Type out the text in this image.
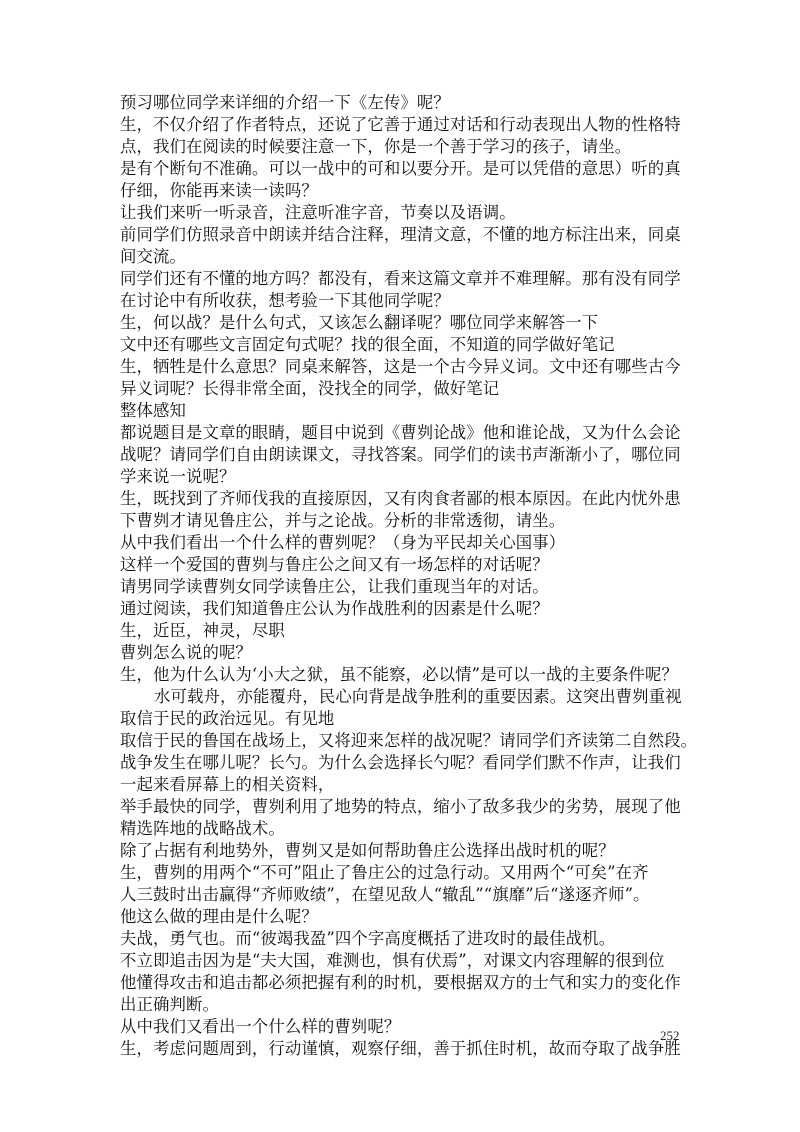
预习哪位同学来详细的介绍一下《左传》呢？
生，不仅介绍了作者特点，还说了它善于通过对话和行动表现出人物的性格特
点，我们在阅读的时候要注意一下，你是一个善于学习的孩子，请坐。
是有个断句不准确。可以一战中的可和以要分开。是可以凭借的意思）听的真
仔细，你能再来读一读吗？
让我们来听一听录音，注意听准字音，节奏以及语调。
前同学们仿照录音中朗读并结合注释，理清文意，不懂的地方标注出来，同桌
间交流。
同学们还有不懂的地方吗？都没有，看来这篇文章并不难理解。那有没有同学
在讨论中有所收获，想考验一下其他同学呢？
生，何以战？是什么句式，又该怎么翻译呢？哪位同学来解答一下
文中还有哪些文言固定句式呢？找的很全面，不知道的同学做好笔记
生，牺牲是什么意思？同桌来解答，这是一个古今异义词。文中还有哪些古今
异义词呢？长得非常全面，没找全的同学，做好笔记
整体感知
都说题目是文章的眼睛，题目中说到《曹刿论战》他和谁论战，又为什么会论
战呢？请同学们自由朗读课文，寻找答案。同学们的读书声渐渐小了，哪位同
学来说一说呢？
生，既找到了齐师伐我的直接原因，又有肉食者鄙的根本原因。在此内忧外患
下曹刿才请见鲁庄公，并与之论战。分析的非常透彻，请坐。
从中我们看出一个什么样的曹刿呢？（身为平民却关心国事）
这样一个爱国的曹刿与鲁庄公之间又有一场怎样的对话呢？
请男同学读曹刿女同学读鲁庄公，让我们重现当年的对话。
通过阅读，我们知道鲁庄公认为作战胜利的因素是什么呢？
生，近臣，神灵，尽职
曹刿怎么说的呢？
生，他为什么认为‘小大之狱，虽不能察，必以情”是可以一战的主要条件呢？
水可载舟，亦能覆舟，民心向背是战争胜利的重要因素。这突出曹刿重视
取信于民的政治远见。有见地
取信于民的鲁国在战场上，又将迎来怎样的战况呢？请同学们齐读第二自然段。
战争发生在哪儿呢？长勺。为什么会选择长勺呢？看同学们默不作声，让我们
一起来看屏幕上的相关资料，
举手最快的同学，曹刿利用了地势的特点，缩小了敌多我少的劣势，展现了他
精选阵地的战略战术。
除了占据有利地势外，曹刿又是如何帮助鲁庄公选择出战时机的呢？
生，曹刿的用两个“不可”阻止了鲁庄公的过急行动。又用两个“可矣”在齐
人三鼓时出击赢得“齐师败绩”，在望见敌人“辙乱”“旗靡”后“遂逐齐师”。
他这么做的理由是什么呢？
夫战，勇气也。而“彼竭我盈”四个字高度概括了进攻时的最佳战机。
不立即追击因为是“夫大国，难测也，惧有伏焉”，对课文内容理解的很到位
他懂得攻击和追击都必须把握有利的时机，要根据双方的士气和实力的变化作
出正确判断。
从中我们又看出一个什么样的曹刿呢？
生，考虑问题周到，行动谨慎，观察仔细，善于抓住时机，故而夺取了战争胜
252
